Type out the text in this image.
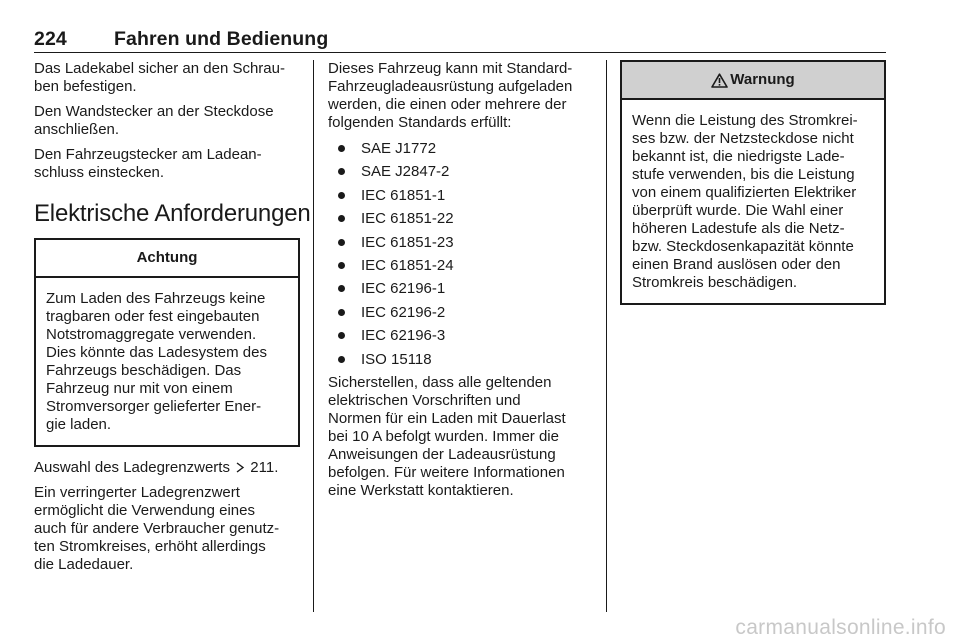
224 Fahren und Bedienung

Das Ladekabel sicher an den Schrau-
ben befestigen.

Den Wandstecker an der Steckdose
anschließen.

Den Fahrzeugstecker am Ladean-
schluss einstecken.

Elektrische Anforderungen
Achtung
Zum Laden des Fahrzeugs keine
tragbaren oder fest eingebauten
Notstromaggregate verwenden.
Dies könnte das Ladesystem des
Fahrzeugs beschädigen. Das
Fahrzeug nur mit von einem
Stromversorger gelieferter Ener-
gie laden.

Auswahl des Ladegrenzwerts 211.

Ein verringerter Ladegrenzwert
ermöglicht die Verwendung eines
auch für andere Verbraucher genutz-
ten Stromkreises, erhöht allerdings
die Ladedauer.

Dieses Fahrzeug kann mit Standard-
Fahrzeugladeausrüstung aufgeladen
werden, die einen oder mehrere der
folgenden Standards erfüllt:

SAE J1772
SAE J2847-2
IEC 61851-1
IEC 61851-22
IEC 61851-23
IEC 61851-24
IEC 62196-1
IEC 62196-2
IEC 62196-3
ISO 15118

Sicherstellen, dass alle geltenden
elektrischen Vorschriften und
Normen für ein Laden mit Dauerlast
bei 10 A befolgt wurden. Immer die
Anweisungen der Ladeausrüstung
befolgen. Für weitere Informationen
eine Werkstatt kontaktieren.

Warnung
Wenn die Leistung des Stromkrei-
ses bzw. der Netzsteckdose nicht
bekannt ist, die niedrigste Lade-
stufe verwenden, bis die Leistung
von einem qualifizierten Elektriker
überprüft wurde. Die Wahl einer
höheren Ladestufe als die Netz-
bzw. Steckdosenkapazität könnte
einen Brand auslösen oder den
Stromkreis beschädigen.
carmanualsonline.info
